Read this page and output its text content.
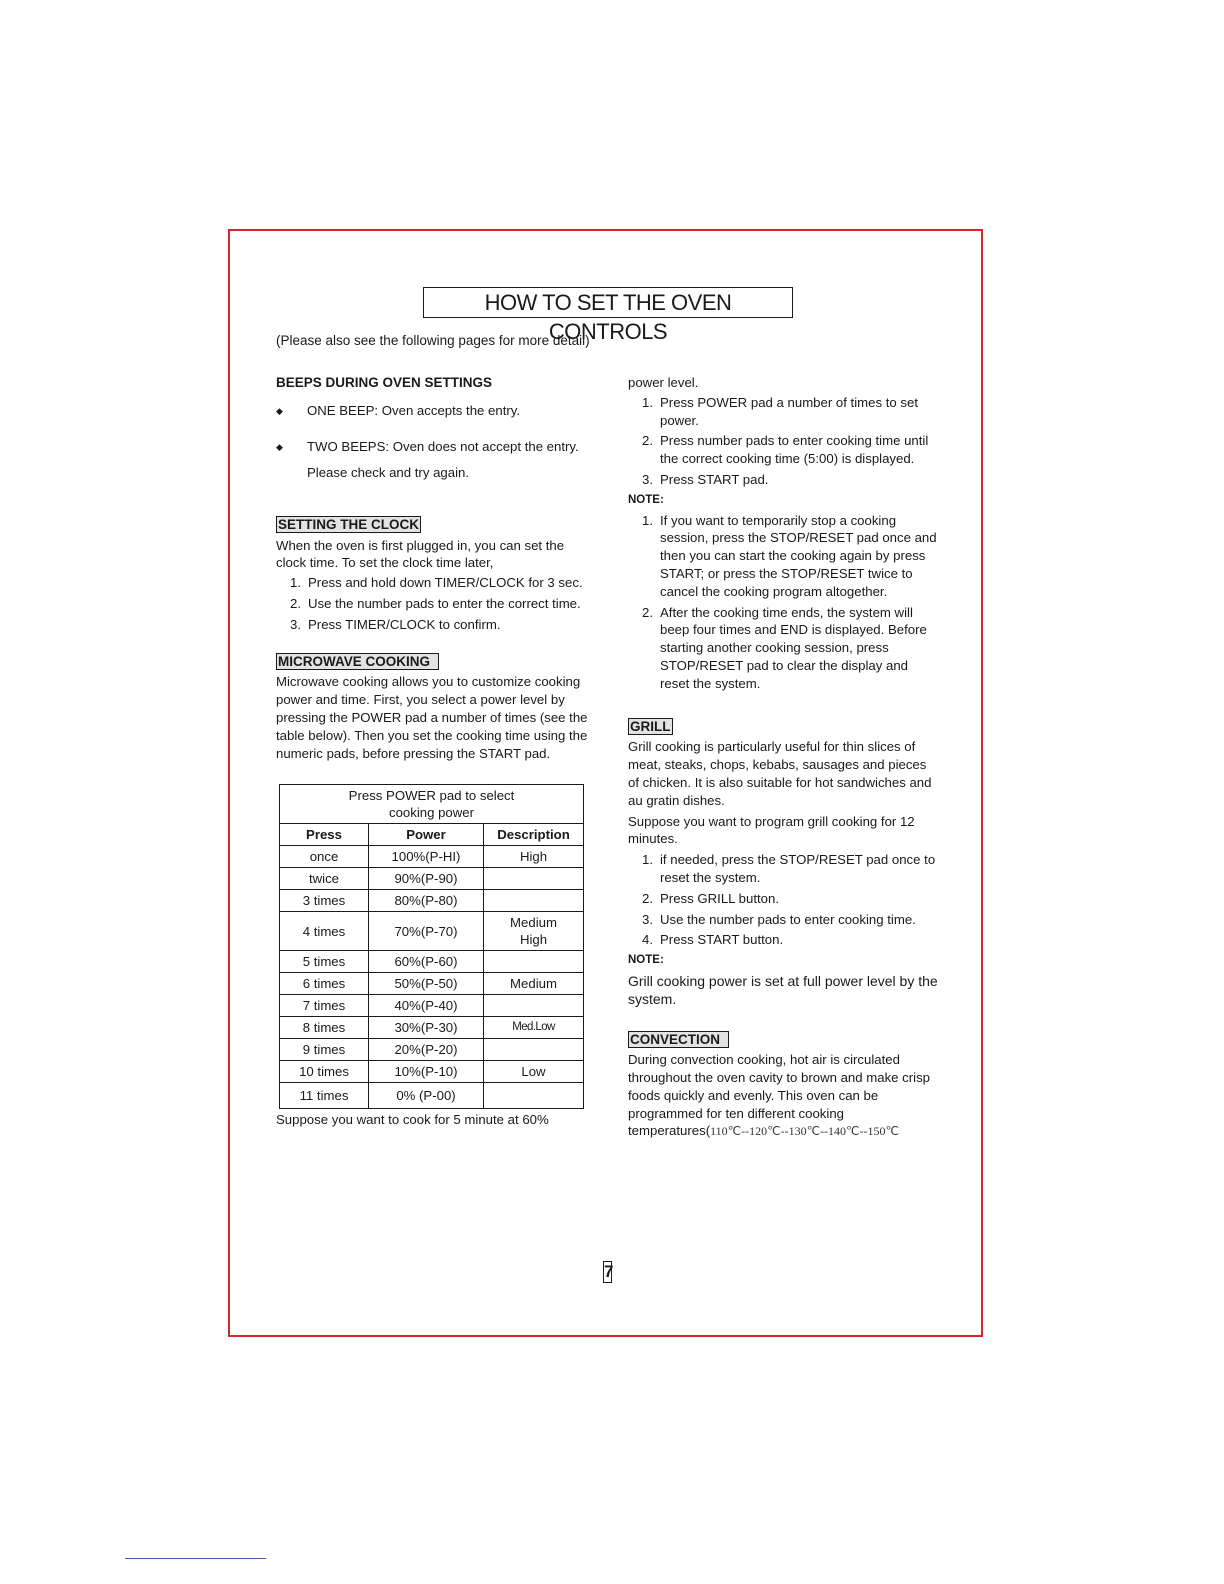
HOW TO SET THE OVEN CONTROLS
(Please also see the following pages for more detail)
BEEPS DURING OVEN SETTINGS
◆	ONE BEEP: Oven accepts the entry.
◆	TWO BEEPS: Oven does not accept the entry. Please check and try again.
SETTING THE CLOCK

When the oven is first plugged in, you can set the clock time. To set the clock time later,

1. Press and hold down TIMER/CLOCK for 3 sec.
2. Use the number pads to enter the correct time.
3. Press TIMER/CLOCK to confirm.
MICROWAVE COOKING

Microwave cooking allows you to customize cooking power and time. First, you select a power level by pressing the POWER pad a number of times (see the table below). Then you set the cooking time using the numeric pads, before pressing the START pad.

Press POWER pad to select cooking power		
Press	Power	Description
once	100%(P-HI)	High
twice	90%(P-90)	
3 times	80%(P-80)	
4 times	70%(P-70)	Medium High
5 times	60%(P-60)	
6 times	50%(P-50)	Medium
7 times	40%(P-40)	
8 times	30%(P-30)	Med.Low
9 times	20%(P-20)	
10 times	10%(P-10)	Low
11 times	0% (P-00)	

Suppose you want to cook for 5 minute at 60%

power level.

1. Press POWER pad a number of times to set power.
2. Press number pads to enter cooking time until the correct cooking time (5:00) is displayed.
3. Press START pad.
NOTE:
1. If you want to temporarily stop a cooking session, press the STOP/RESET pad once and then you can start the cooking again by press START; or press the STOP/RESET twice to cancel the cooking program altogether.
2. After the cooking time ends, the system will beep four times and END is displayed. Before starting another cooking session, press STOP/RESET pad to clear the display and reset the system.
GRILL

Grill cooking is particularly useful for thin slices of meat, steaks, chops, kebabs, sausages and pieces of chicken. It is also suitable for hot sandwiches and au gratin dishes.

Suppose you want to program grill cooking for 12 minutes.

1. if needed, press the STOP/RESET pad once to reset the system.
2. Press GRILL button.
3. Use the number pads to enter cooking time.
4. Press START button.
NOTE:

Grill cooking power is set at full power level by the system.

CONVECTION

During convection cooking, hot air is circulated throughout the oven cavity to brown and make crisp foods quickly and evenly. This oven can be programmed for ten different cooking temperatures(110℃--120℃--130℃--140℃--150℃

7
